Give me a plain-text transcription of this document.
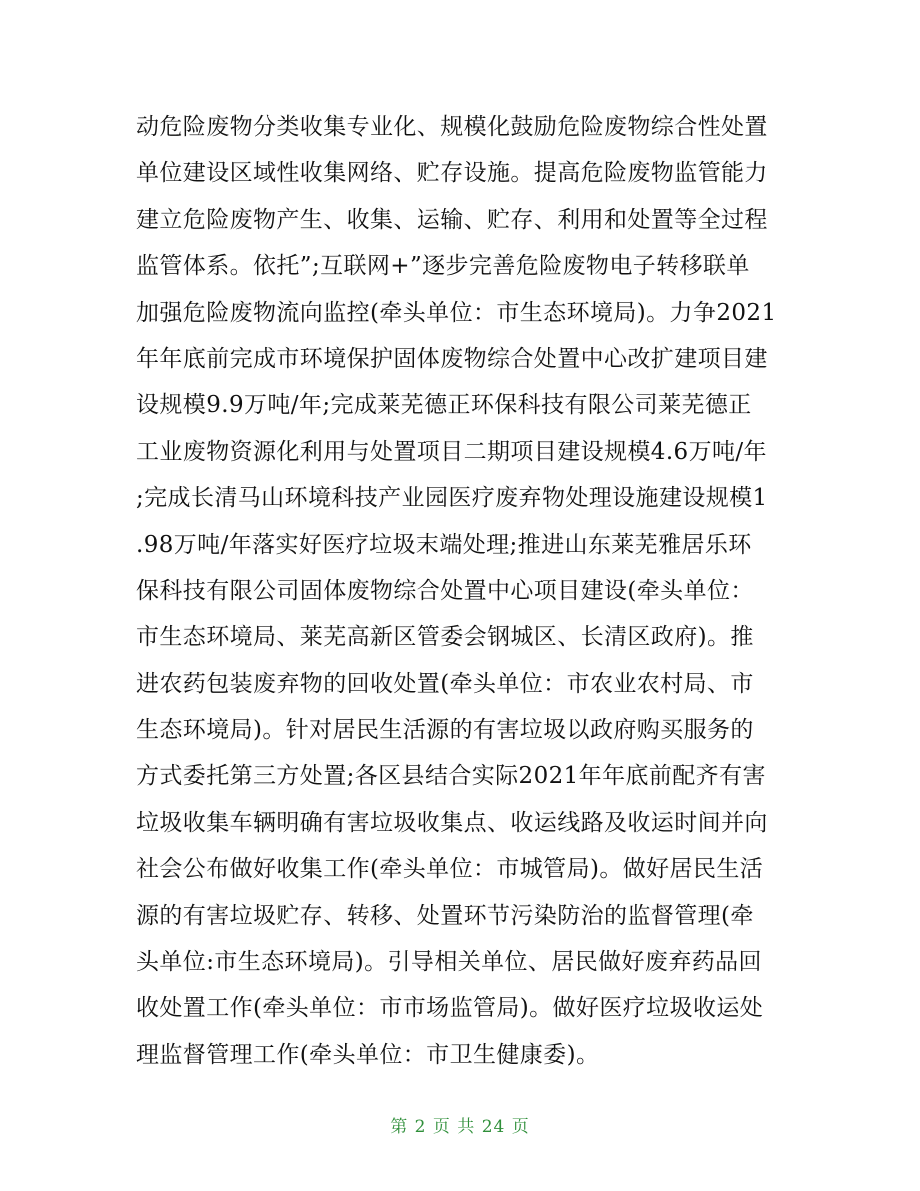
动危险废物分类收集专业化、规模化鼓励危险废物综合性处置
单位建设区域性收集网络、贮存设施。提高危险废物监管能力
建立危险废物产生、收集、运输、贮存、利用和处置等全过程
监管体系。依托”;互联网+”逐步完善危险废物电子转移联单
加强危险废物流向监控(牵头单位：市生态环境局)。力争2021
年年底前完成市环境保护固体废物综合处置中心改扩建项目建
设规模9.9万吨/年;完成莱芜德正环保科技有限公司莱芜德正
工业废物资源化利用与处置项目二期项目建设规模4.6万吨/年
;完成长清马山环境科技产业园医疗废弃物处理设施建设规模1
.98万吨/年落实好医疗垃圾末端处理;推进山东莱芜雅居乐环
保科技有限公司固体废物综合处置中心项目建设(牵头单位：
市生态环境局、莱芜高新区管委会钢城区、长清区政府)。推
进农药包装废弃物的回收处置(牵头单位：市农业农村局、市
生态环境局)。针对居民生活源的有害垃圾以政府购买服务的
方式委托第三方处置;各区县结合实际2021年年底前配齐有害
垃圾收集车辆明确有害垃圾收集点、收运线路及收运时间并向
社会公布做好收集工作(牵头单位：市城管局)。做好居民生活
源的有害垃圾贮存、转移、处置环节污染防治的监督管理(牵
头单位:市生态环境局)。引导相关单位、居民做好废弃药品回
收处置工作(牵头单位：市市场监管局)。做好医疗垃圾收运处
理监督管理工作(牵头单位：市卫生健康委)。
第 2 页 共 24 页
